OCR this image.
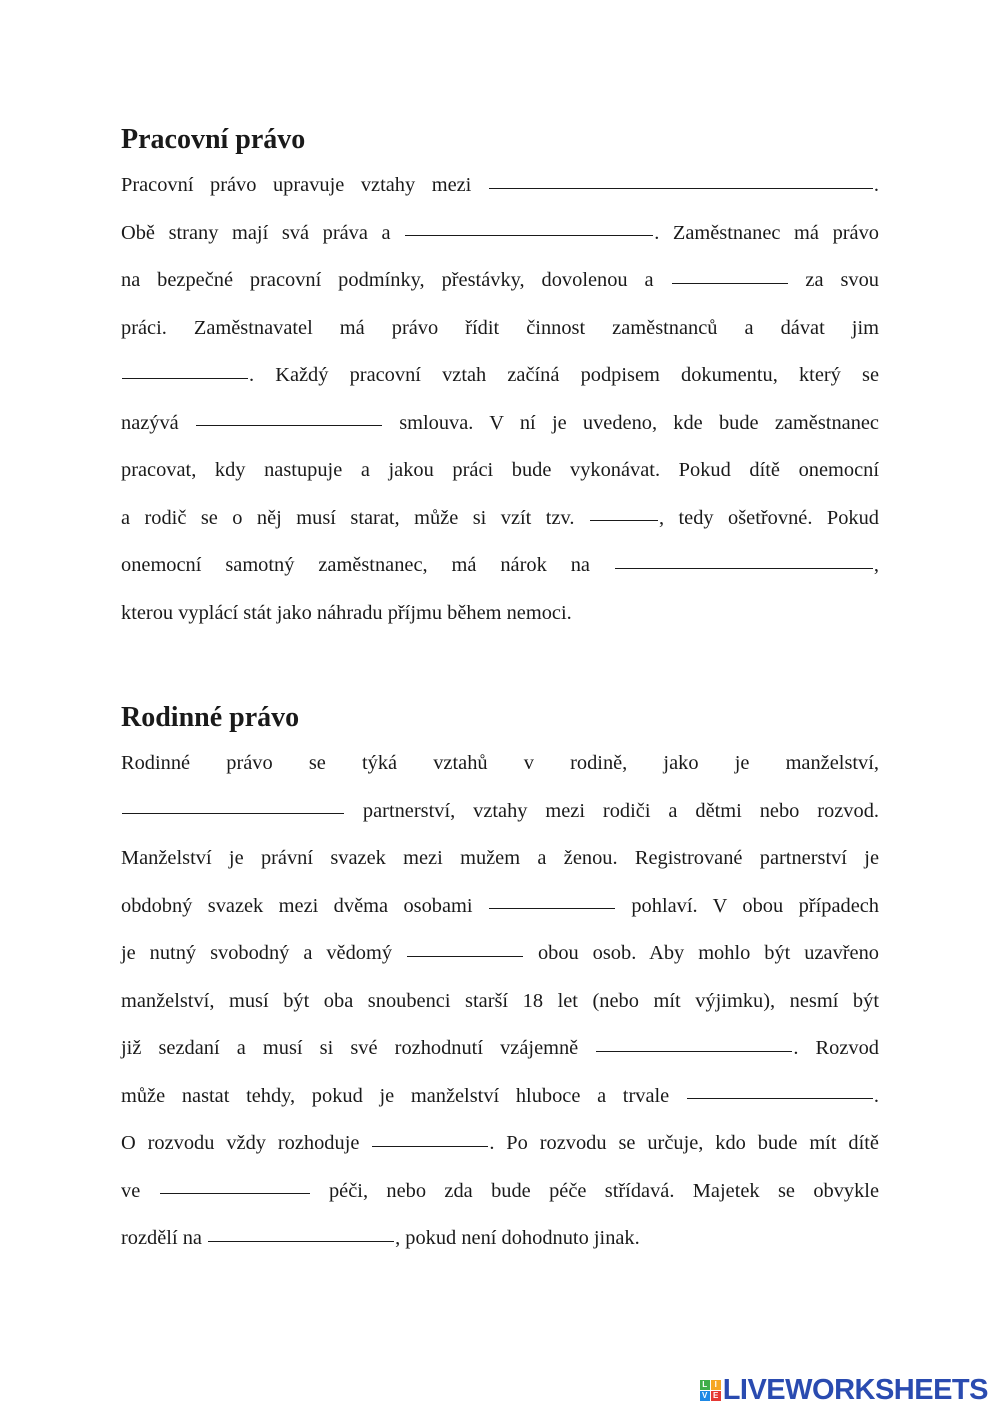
Pracovní právo
Pracovní právo upravuje vztahy mezi	.
Obě strany mají svá práva a	. Zaměstnanec má právo
na bezpečné pracovní podmínky, přestávky, dovolenou a	za svou
práci. Zaměstnavatel má právo řídit činnost zaměstnanců a dávat jim
. Každý pracovní vztah začíná podpisem dokumentu, který se
nazývá	smlouva. V ní je uvedeno, kde bude zaměstnanec
pracovat, kdy nastupuje a jakou práci bude vykonávat. Pokud dítě onemocní
a rodič se o něj musí starat, může si vzít tzv.	, tedy ošetřovné. Pokud
onemocní samotný zaměstnanec, má nárok na	,
kterou vyplácí stát jako náhradu příjmu během nemoci.
Rodinné právo
Rodinné právo se týká vztahů v rodině, jako je manželství,
partnerství, vztahy mezi rodiči a dětmi nebo rozvod.
Manželství je právní svazek mezi mužem a ženou. Registrované partnerství je
obdobný svazek mezi dvěma osobami	pohlaví. V obou případech
je nutný svobodný a vědomý	obou osob. Aby mohlo být uzavřeno
manželství, musí být oba snoubenci starší 18 let (nebo mít výjimku), nesmí být
již sezdaní a musí si své rozhodnutí vzájemně	. Rozvod
může nastat tehdy, pokud je manželství hluboce a trvale	.
O rozvodu vždy rozhoduje	. Po rozvodu se určuje, kdo bude mít dítě
ve	péči, nebo zda bude péče střídavá. Majetek se obvykle
rozdělí na	, pokud není dohodnuto jinak.
L I
V E LIVEWORKSHEETS
